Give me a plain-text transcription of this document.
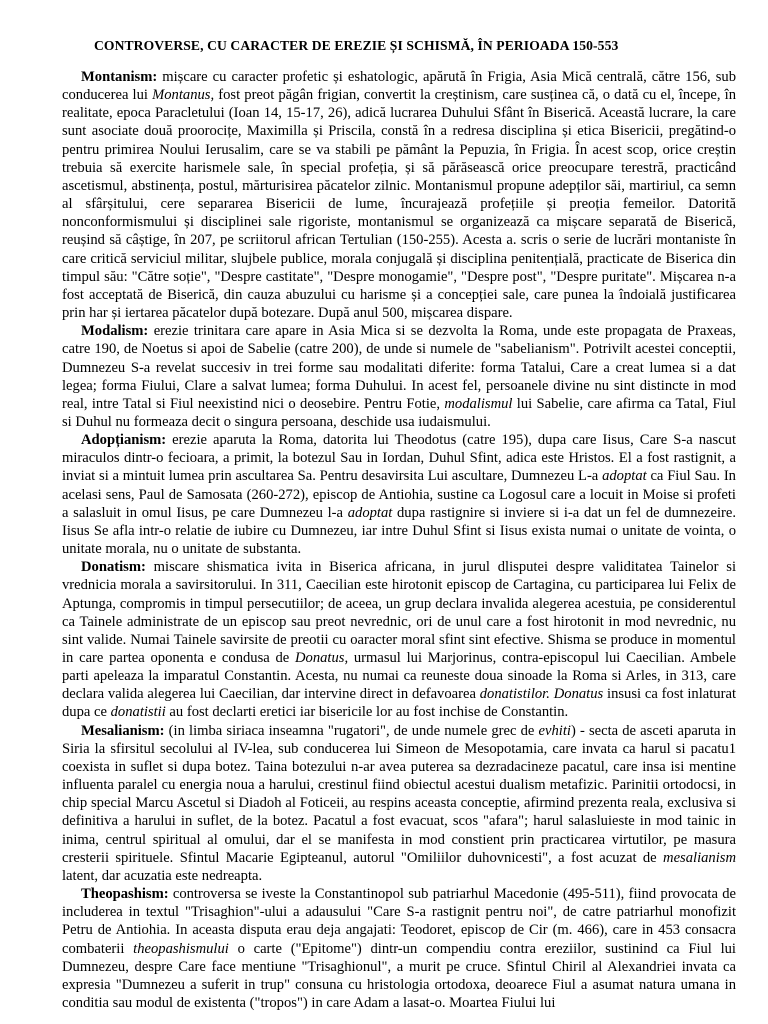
CONTROVERSE, CU CARACTER DE EREZIE ȘI SCHISMĂ, ÎN PERIOADA 150-553

Montanism: mișcare cu caracter profetic și eshatologic, apărută în Frigia, Asia Mică centrală, către 156, sub conducerea lui Montanus, fost preot păgân frigian, convertit la creștinism, care susținea că, o dată cu el, începe, în realitate, epoca Paracletului (Ioan 14, 15-17, 26), adică lucrarea Duhului Sfânt în Biserică. Această lucrare, la care sunt asociate două proorocițe, Maximilla și Priscila, constă în a redresa disciplina și etica Bisericii, pregătind-o pentru primirea Noului Ierusalim, care se va stabili pe pământ la Pepuzia, în Frigia. În acest scop, orice creștin trebuia să exercite harismele sale, în special profeția, și să părăsească orice preocupare terestră, practicând ascetismul, abstinența, postul, mărturisirea păcatelor zilnic. Montanismul propune adepților săi, martiriul, ca semn al sfârșitului, cere separarea Bisericii de lume, încurajează profețiile și preoția femeilor. Datorită nonconformismului și disciplinei sale rigoriste, montanismul se organizează ca mișcare separată de Biserică, reușind să câștige, în 207, pe scriitorul african Tertulian (150-255). Acesta a. scris o serie de lucrări montaniste în care critică serviciul militar, slujbele publice, morala conjugală și disciplina penitențială, practicate de Biserica din timpul său: "Către soție", "Despre castitate", "Despre monogamie", "Despre post", "Despre puritate". Mișcarea n-a fost acceptată de Biserică, din cauza abuzului cu harisme și a concepției sale, care punea la îndoială justificarea prin har și iertarea păcatelor după botezare. După anul 500, mișcarea dispare.

Modalism: erezie trinitara care apare in Asia Mica si se dezvolta la Roma, unde este propagata de Praxeas, catre 190, de Noetus si apoi de Sabelie (catre 200), de unde si numele de "sabelianism". Potrivilt acestei conceptii, Dumnezeu S-a revelat succesiv in trei forme sau modalitati diferite: forma Tatalui, Care a creat lumea si a dat legea; forma Fiului, Clare a salvat lumea; forma Duhului. In acest fel, persoanele divine nu sint distincte in mod real, intre Tatal si Fiul neexistind nici o deosebire. Pentru Fotie, modalismul lui Sabelie, care afirma ca Tatal, Fiul si Duhul nu formeaza decit o singura persoana, deschide usa iudaismului.

Adopțianism: erezie aparuta la Roma, datorita lui Theodotus (catre 195), dupa care Iisus, Care S-a nascut miraculos dintr-o fecioara, a primit, la botezul Sau in Iordan, Duhul Sfint, adica este Hristos. El a fost rastignit, a inviat si a mintuit lumea prin ascultarea Sa. Pentru desavirsita Lui ascultare, Dumnezeu L-a adoptat ca Fiul Sau. In acelasi sens, Paul de Samosata (260-272), episcop de Antiohia, sustine ca Logosul care a locuit in Moise si profeti a salasluit in omul Iisus, pe care Dumnezeu l-a adoptat dupa rastignire si inviere si i-a dat un fel de dumnezeire. Iisus Se afla intr-o relatie de iubire cu Dumnezeu, iar intre Duhul Sfint si Iisus exista numai o unitate de vointa, o unitate morala, nu o unitate de substanta.

Donatism: miscare shismatica ivita in Biserica africana, in jurul dlisputei despre validitatea Tainelor si vrednicia morala a savirsitorului. In 311, Caecilian este hirotonit episcop de Cartagina, cu participarea lui Felix de Aptunga, compromis in timpul persecutiilor; de aceea, un grup declara invalida alegerea acestuia, pe considerentul ca Tainele administrate de un episcop sau preot nevrednic, ori de unul care a fost hirotonit in mod nevrednic, nu sint valide. Numai Tainele savirsite de preotii cu oaracter moral sfint sint efective. Shisma se produce in momentul in care partea oponenta e condusa de Donatus, urmasul lui Marjorinus, contra-episcopul lui Caecilian. Ambele parti apeleaza la imparatul Constantin. Acesta, nu numai ca reuneste doua sinoade la Roma si Arles, in 313, care declara valida alegerea lui Caecilian, dar intervine direct in defavoarea donatistilor. Donatus insusi ca fost inlaturat dupa ce donatistii au fost declarti eretici iar bisericile lor au fost inchise de Constantin.

Mesalianism: (in limba siriaca inseamna "rugatori", de unde numele grec de evhiti) - secta de asceti aparuta in Siria la sfirsitul secolului al IV-lea, sub conducerea lui Simeon de Mesopotamia, care invata ca harul si pacatu1 coexista in suflet si dupa botez. Taina botezului n-ar avea puterea sa dezradacineze pacatul, care insa isi mentine influenta paralel cu energia noua a harului, crestinul fiind obiectul acestui dualism metafizic. Parinitii ortodocsi, in chip special Marcu Ascetul si Diadoh al Foticeii, au respins aceasta conceptie, afirmind prezenta reala, exclusiva si definitiva a harului in suflet, de la botez. Pacatul a fost evacuat, scos "afara"; harul salasluieste in mod tainic in inima, centrul spiritual al omului, dar el se manifesta in mod constient prin practicarea virtutilor, pe masura cresterii spirituele. Sfintul Macarie Egipteanul, autorul "Omiliilor duhovnicesti", a fost acuzat de mesalianism latent, dar acuzatia este nedreapta.

Theopashism: controversa se iveste la Constantinopol sub patriarhul Macedonie (495-511), fiind provocata de includerea in textul "Trisaghion"-ului a adausului "Care S-a rastignit pentru noi", de catre patriarhul monofizit Petru de Antiohia. In aceasta disputa erau deja angajati: Teodoret, episcop de Cir (m. 466), care in 453 consacra combaterii theopashismului o carte ("Epitome") dintr-un compendiu contra ereziilor, sustinind ca Fiul lui Dumnezeu, despre Care face mentiune "Trisaghionul", a murit pe cruce. Sfintul Chiril al Alexandriei invata ca expresia "Dumnezeu a suferit in trup" consuna cu hristologia ortodoxa, deoarece Fiul a asumat natura umana in conditia sau modul de existenta ("tropos") in care Adam a lasat-o. Moartea Fiului lui
